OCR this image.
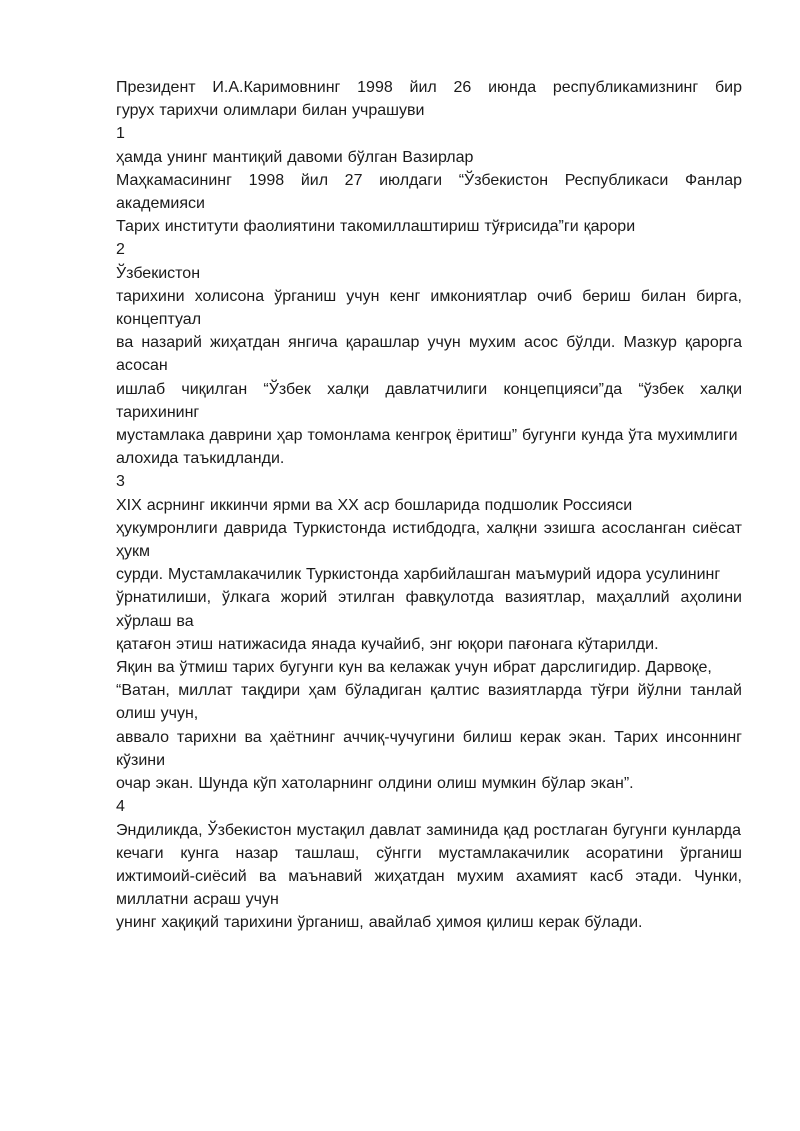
Президент И.А.Каримовнинг 1998 йил 26 июнда республикамизнинг бир
гурух тарихчи олимлари билан учрашуви
1
ҳамда унинг мантиқий давоми бўлган Вазирлар
Маҳкамасининг 1998 йил 27 июлдаги “Ўзбекистон Республикаси Фанлар академияси
Тарих институти фаолиятини такомиллаштириш тўғрисида”ги қарори
2
Ўзбекистон
тарихини холисона ўрганиш учун кенг имкониятлар очиб бериш билан бирга, концептуал
ва назарий жиҳатдан янгича қарашлар учун мухим асос бўлди. Мазкур қарорга асосан
ишлаб чиқилган “Ўзбек халқи давлатчилиги концепцияси”да “ўзбек халқи тарихининг
мустамлака даврини ҳар томонлама кенгроқ ёритиш” бугунги кунда ўта мухимлиги
алохида таъкидланди.
3
XIX асрнинг иккинчи ярми ва XX аср бошларида подшолик Россияси
ҳукумронлиги даврида Туркистонда истибдодга, халқни эзишга асосланган сиёсат ҳукм
сурди. Мустамлакачилик Туркистонда харбийлашган маъмурий идора усулининг
ўрнатилиши, ўлкага жорий этилган фавқулотда вазиятлар, маҳаллий аҳолини хўрлаш ва
қатағон этиш натижасида янада кучайиб, энг юқори пағонага кўтарилди.
Яқин ва ўтмиш тарих бугунги кун ва келажак учун ибрат дарслигидир. Дарвоқе,
“Ватан, миллат тақдири ҳам бўладиган қалтис вазиятларда тўғри йўлни танлай олиш учун,
аввало тарихни ва ҳаётнинг аччиқ-чучугини билиш керак экан. Тарих инсоннинг кўзини
очар экан. Шунда кўп хатоларнинг олдини олиш мумкин бўлар экан”.
4
Эндиликда, Ўзбекистон мустақил давлат заминида қад ростлаган бугунги кунларда
кечаги кунга назар ташлаш, сўнгги мустамлакачилик асоратини ўрганиш ижтимоий-сиёсий ва маънавий жиҳатдан мухим ахамият касб этади. Чунки, миллатни асраш учун
унинг хақиқий тарихини ўрганиш, авайлаб ҳимоя қилиш керак бўлади.
